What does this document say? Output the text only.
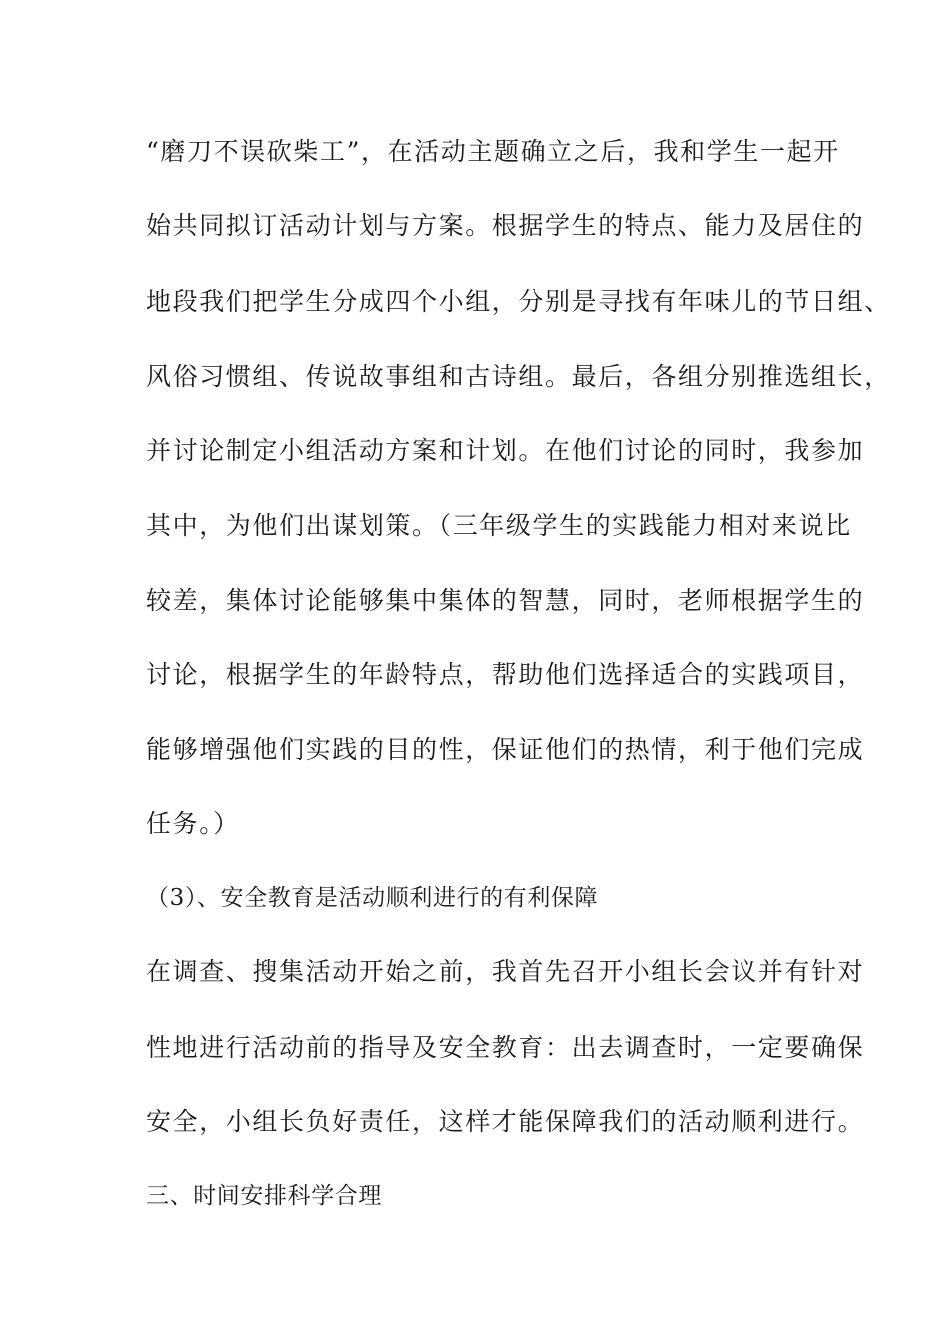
“磨刀不误砍柴工”，在活动主题确立之后，我和学生一起开
始共同拟订活动计划与方案。根据学生的特点、能力及居住的
地段我们把学生分成四个小组，分别是寻找有年味儿的节日组、
风俗习惯组、传说故事组和古诗组。最后，各组分别推选组长，
并讨论制定小组活动方案和计划。在他们讨论的同时，我参加
其中，为他们出谋划策。（三年级学生的实践能力相对来说比
较差，集体讨论能够集中集体的智慧，同时，老师根据学生的
讨论，根据学生的年龄特点，帮助他们选择适合的实践项目，
能够增强他们实践的目的性，保证他们的热情，利于他们完成
任务。）
（3）、安全教育是活动顺利进行的有利保障
在调查、搜集活动开始之前，我首先召开小组长会议并有针对
性地进行活动前的指导及安全教育：出去调查时，一定要确保
安全，小组长负好责任，这样才能保障我们的活动顺利进行。
三、时间安排科学合理
